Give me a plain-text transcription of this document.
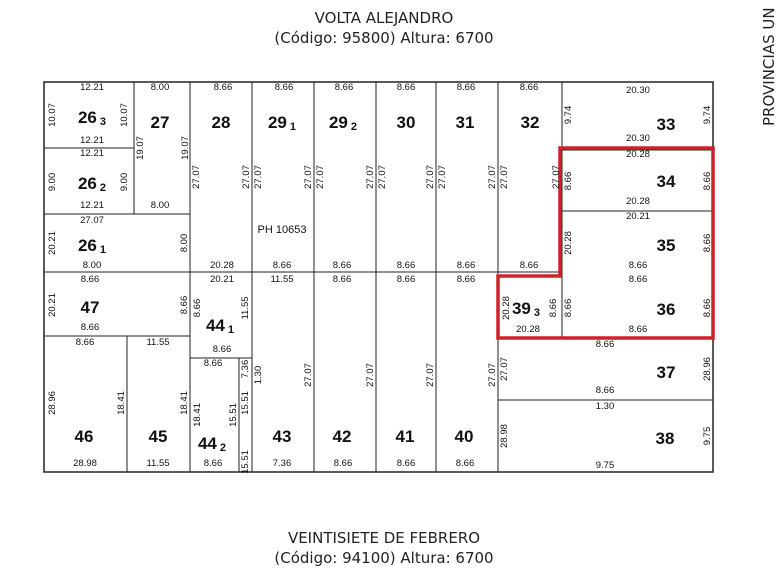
VOLTA ALEJANDRO
(Código: 95800) Altura: 6700	PROVINCIAS UN
PH 10653
26 3	27 28 29 1 29 2 30 31	32	33
26 2	34
26 1	35
47
44 1
39 3	36
37
46	45 44 2
43 42	41 40	38
12.21
10.07	10.07
12.21
8.00
19.07	19.07
8.66	8.66	8.66	8.66	8.66	8.66	20.30
9.74	9.74
20.30
12.21
9.00	9.00
12.21	8.00
20.28
8.66	8.66
20.28
27.07	27.07 27.07	27.07 27.07	27.07 27.07	27.07 27.07	27.07 27.07	27.07
27.07
20.21	8.00
8.00
20.21
20.28	8.66
8.66
20.28	8.66	8.66	8.66	8.66	8.66
8.66
20.21	8.66
8.66
20.21
8.66	11.55
11.55	8.66	8.66	8.66	8.66
20.28	8.66 8.66	8.66
8.66
20.28
8.66	11.55
8.66
8.66 7.36 1.30	27.07	27.07	27.07	27.07 27.07
8.66
28.96
8.66
28.96	18.41	18.41
18.41	15.51
15.51
15.51
1.30
28.98	9.75
9.75
28.98	11.55	8.66	7.36	8.66	8.66	8.66
VEINTISIETE DE FEBRERO
(Código: 94100) Altura: 6700
